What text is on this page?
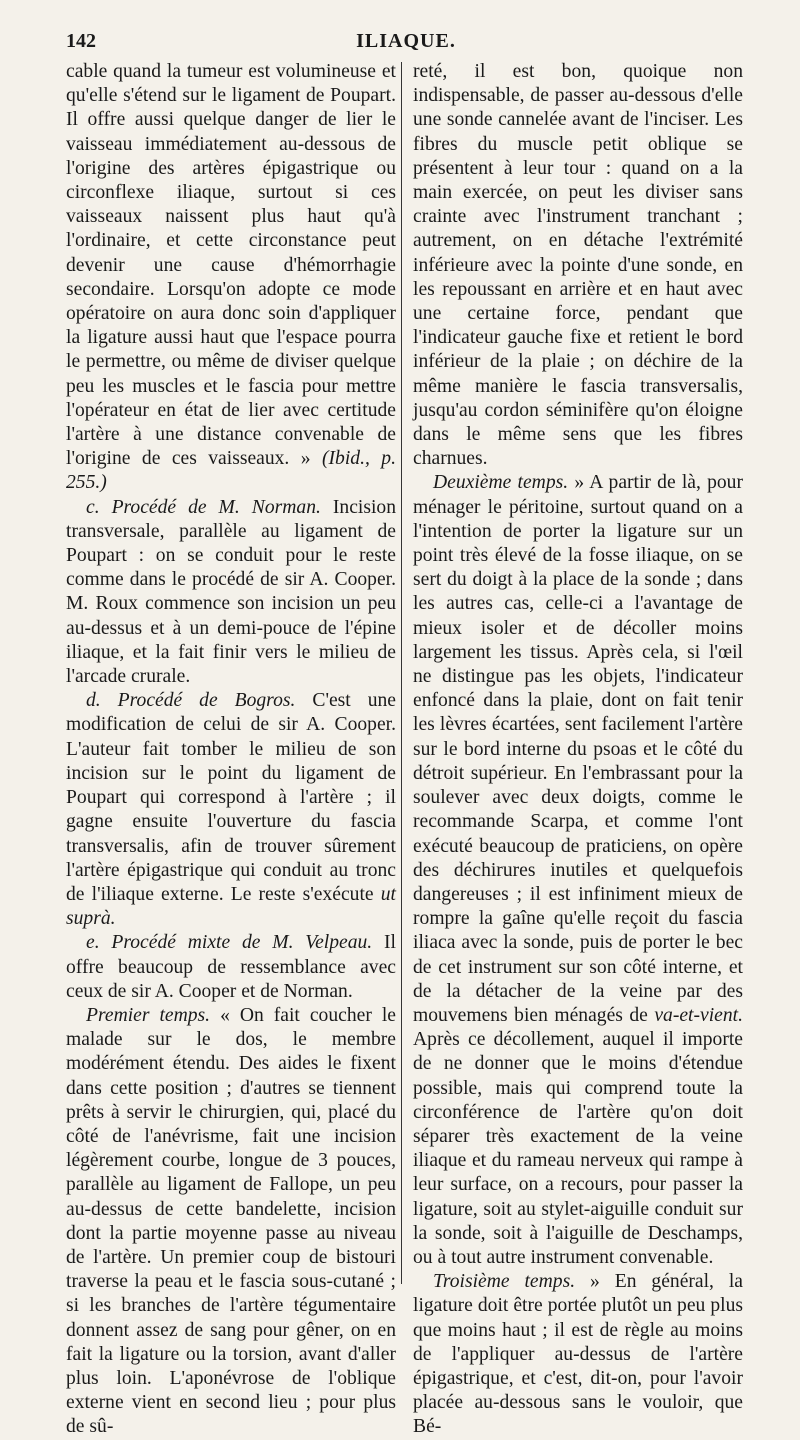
142	ILIAQUE.

cable quand la tumeur est volumineuse et qu'elle s'étend sur le ligament de Poupart. Il offre aussi quelque danger de lier le vaisseau immédiatement au-dessous de l'origine des artères épigastrique ou circonflexe iliaque, surtout si ces vaisseaux naissent plus haut qu'à l'ordinaire, et cette circonstance peut devenir une cause d'hémorrhagie secondaire. Lorsqu'on adopte ce mode opératoire on aura donc soin d'appliquer la ligature aussi haut que l'espace pourra le permettre, ou même de diviser quelque peu les muscles et le fascia pour mettre l'opérateur en état de lier avec certitude l'artère à une distance convenable de l'origine de ces vaisseaux. » (Ibid., p. 255.)

c. Procédé de M. Norman. Incision transversale, parallèle au ligament de Poupart : on se conduit pour le reste comme dans le procédé de sir A. Cooper. M. Roux commence son incision un peu au-dessus et à un demi-pouce de l'épine iliaque, et la fait finir vers le milieu de l'arcade crurale.

d. Procédé de Bogros. C'est une modification de celui de sir A. Cooper. L'auteur fait tomber le milieu de son incision sur le point du ligament de Poupart qui correspond à l'artère ; il gagne ensuite l'ouverture du fascia transversalis, afin de trouver sûrement l'artère épigastrique qui conduit au tronc de l'iliaque externe. Le reste s'exécute ut suprà.

e. Procédé mixte de M. Velpeau. Il offre beaucoup de ressemblance avec ceux de sir A. Cooper et de Norman.

Premier temps. « On fait coucher le malade sur le dos, le membre modérément étendu. Des aides le fixent dans cette position ; d'autres se tiennent prêts à servir le chirurgien, qui, placé du côté de l'anévrisme, fait une incision légèrement courbe, longue de 3 pouces, parallèle au ligament de Fallope, un peu au-dessus de cette bandelette, incision dont la partie moyenne passe au niveau de l'artère. Un premier coup de bistouri traverse la peau et le fascia sous-cutané ; si les branches de l'artère tégumentaire donnent assez de sang pour gêner, on en fait la ligature ou la torsion, avant d'aller plus loin. L'aponévrose de l'oblique externe vient en second lieu ; pour plus de sû-

reté, il est bon, quoique non indispensable, de passer au-dessous d'elle une sonde cannelée avant de l'inciser. Les fibres du muscle petit oblique se présentent à leur tour : quand on a la main exercée, on peut les diviser sans crainte avec l'instrument tranchant ; autrement, on en détache l'extrémité inférieure avec la pointe d'une sonde, en les repoussant en arrière et en haut avec une certaine force, pendant que l'indicateur gauche fixe et retient le bord inférieur de la plaie ; on déchire de la même manière le fascia transversalis, jusqu'au cordon séminifère qu'on éloigne dans le même sens que les fibres charnues.

Deuxième temps. » A partir de là, pour ménager le péritoine, surtout quand on a l'intention de porter la ligature sur un point très élevé de la fosse iliaque, on se sert du doigt à la place de la sonde ; dans les autres cas, celle-ci a l'avantage de mieux isoler et de décoller moins largement les tissus. Après cela, si l'œil ne distingue pas les objets, l'indicateur enfoncé dans la plaie, dont on fait tenir les lèvres écartées, sent facilement l'artère sur le bord interne du psoas et le côté du détroit supérieur. En l'embrassant pour la soulever avec deux doigts, comme le recommande Scarpa, et comme l'ont exécuté beaucoup de praticiens, on opère des déchirures inutiles et quelquefois dangereuses ; il est infiniment mieux de rompre la gaîne qu'elle reçoit du fascia iliaca avec la sonde, puis de porter le bec de cet instrument sur son côté interne, et de la détacher de la veine par des mouvemens bien ménagés de va-et-vient. Après ce décollement, auquel il importe de ne donner que le moins d'étendue possible, mais qui comprend toute la circonférence de l'artère qu'on doit séparer très exactement de la veine iliaque et du rameau nerveux qui rampe à leur surface, on a recours, pour passer la ligature, soit au stylet-aiguille conduit sur la sonde, soit à l'aiguille de Deschamps, ou à tout autre instrument convenable.

Troisième temps. » En général, la ligature doit être portée plutôt un peu plus que moins haut ; il est de règle au moins de l'appliquer au-dessus de l'artère épigastrique, et c'est, dit-on, pour l'avoir placée au-dessous sans le vouloir, que Bé-
